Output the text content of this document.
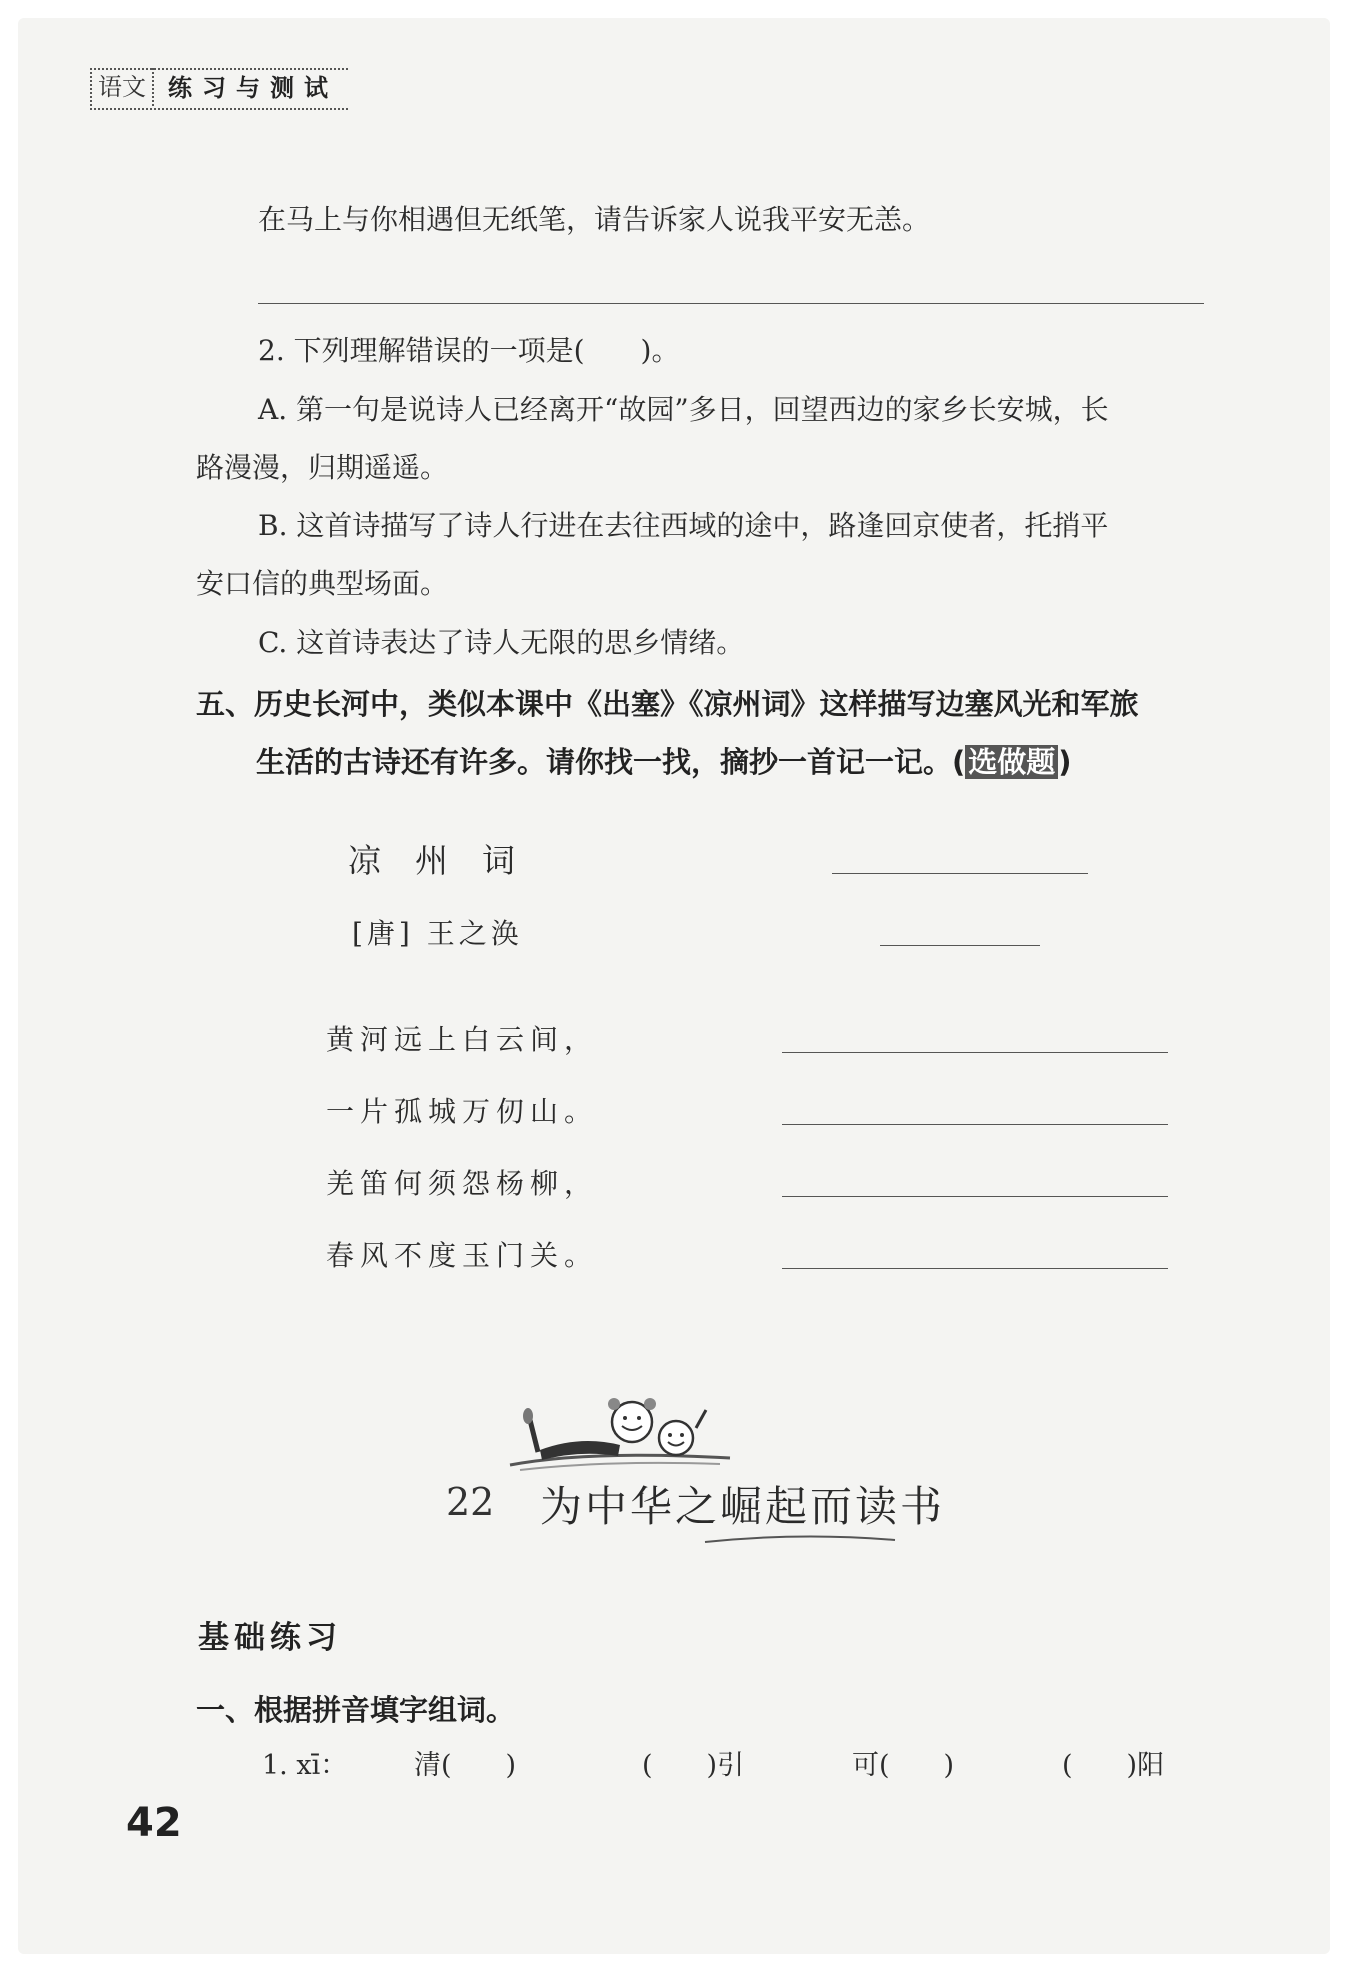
语文 练习与测试
在马上与你相遇但无纸笔，请告诉家人说我平安无恙。
2. 下列理解错误的一项是(　　)。
A. 第一句是说诗人已经离开“故园”多日，回望西边的家乡长安城，长
路漫漫，归期遥遥。
B. 这首诗描写了诗人行进在去往西域的途中，路逢回京使者，托捎平
安口信的典型场面。
C. 这首诗表达了诗人无限的思乡情绪。
五、历史长河中，类似本课中《出塞》《凉州词》这样描写边塞风光和军旅
生活的古诗还有许多。请你找一找，摘抄一首记一记。( 选做题 )
凉州词
[唐] 王之涣
黄河远上白云间，
一片孤城万仞山。
羌笛何须怨杨柳，
春风不度玉门关。
22 为中华之崛起而读书
基础练习
一、根据拼音填字组词。
1. xī： 清(　　)	(　　)引	可(　　)	(　　)阳
42
